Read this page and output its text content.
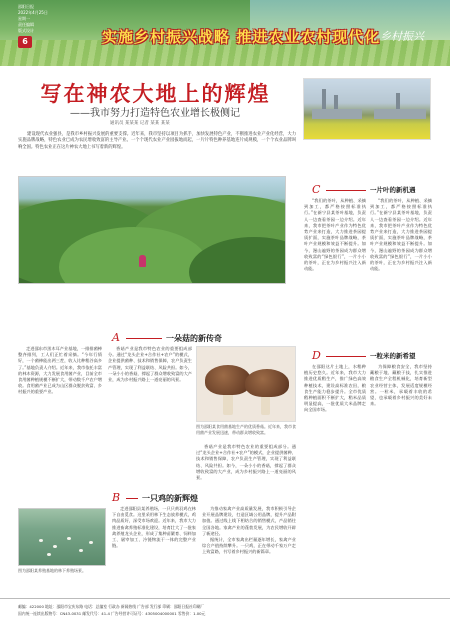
邵阳日报
2022年4月25日
星期一
责任编辑
版式设计
6	实施乡村振兴战略 推进农业农村现代化 乡村振兴
写在神农大地上的辉煌
——我市努力打造特色农业增长极侧记
通讯员 某某某 记者 某某 某某

建设现代农业强县，是我市乡村振兴发展的重要支撑。近年来，我市坚持以项目为抓手，加快发展特色产业，不断推进农业产业化经营，大力实施品牌战略，特色农业已成为农民增收致富的主导产业。一个个现代农业产业园拔地而起，一片片特色种养基地连片成规模，一个个农业品牌叫响全国。特色农业正在这片神农大地上书写着新的辉煌。

A	一朵菇的新传奇

走进邵东市黑木耳产业基地，一排排菌棒整齐排列，工人们正忙着采摘。“今年行情好，一个菌棒能出两三茬，收入比种稻谷高多了。”基地负责人介绍。近年来，我市依托丰富的林木资源，大力发展食用菌产业，目前全市食用菌种植规模不断扩大，带动数千户农户增收。食用菌产业已成为山区群众脱贫致富、乡村振兴的重要产业。

香菇产业是我市特色农业的重要组成部分。通过“龙头企业+合作社+农户”的模式，企业提供菌种、技术和销售保障，农户负责生产管理，实现了利益联结、风险共担。如今，一朵小小的香菇，撑起了群众增收致富的大产业，成为乡村振兴路上一道亮丽的风景。

图为邵阳某食用菌基地生产的优质香菇。近年来，我市食用菌产业发展迅速，带动群众增收致富。

香菇产业是我市特色农业的重要组成部分。通过“龙头企业+合作社+农户”的模式，企业提供菌种、技术和销售保障，农户负责生产管理，实现了利益联结、风险共担。如今，一朵小小的香菇，撑起了群众增收致富的大产业，成为乡村振兴路上一道亮丽的风景。

B	一只鸡的新辉煌
图为邵阳某养殖基地的林下养殖场景。

走进邵阳县某养殖场，一只只黄羽鸡在林下自由觅食。这里采用林下生态放养模式，鸡肉品质好，深受市场欢迎。近年来，我市大力推进畜禽养殖标准化建设，培育壮大了一批家禽养殖龙头企业，形成了集种苗繁育、饲料加工、屠宰加工、冷链物流于一体的完整产业链。

为推动家禽产业高质量发展，我市积极引导企业开展品牌建设，打造区域公用品牌，提升产品附加值。通过线上线下相结合的销售模式，产品销往全国各地。家禽产业的蓬勃发展，为农民增收开辟了新途径。

据统计，全市家禽出栏量逐年增长，家禽产业综合产值持续攀升。一只鸡，正在带动千家万户走上致富路，书写着乡村振兴的新篇章。

C	一片叶的新机遇

“我们的茶叶，从种植、采摘到加工，都严格按照标准执行。”在新宁县某茶叶基地，负责人一边查看茶园一边介绍。近年来，我市把茶叶产业作为特色优势产业来打造，大力推进茶园提质扩面，实施茶叶品牌战略，茶叶产业规模和效益不断提升。如今，漫山遍野的茶园成为群众增收致富的“绿色银行”，一片小小的茶叶，正在为乡村振兴注入新动能。

“我们的茶叶，从种植、采摘到加工，都严格按照标准执行。”在新宁县某茶叶基地，负责人一边查看茶园一边介绍。近年来，我市把茶叶产业作为特色优势产业来打造，大力推进茶园提质扩面，实施茶叶品牌战略，茶叶产业规模和效益不断提升。如今，漫山遍野的茶园成为群众增收致富的“绿色银行”，一片小小的茶叶，正在为乡村振兴注入新动能。

D	一粒米的新希望

在邵阳这片土地上，水稻种植历史悠久。近年来，我市大力推进优质稻生产，推广绿色高效种植技术，建设高标准农田，粮食生产能力稳步提升。全市优质稻种植面积不断扩大，稻米品质明显提高，一批优质大米品牌走向全国市场。

为保障粮食安全，我市坚持藏粮于地、藏粮于技，扎实推进粮食生产全程机械化，培育新型农业经营主体，发展适度规模经营。一粒米，承载着丰收的希望，也承载着乡村振兴的美好未来。

邮编：422000 地址：邵阳市宝庆东路 电话：总编室 行政办 新闻热线 广告部 发行部 印刷：邵阳日报社印刷厂
国内统一连续出版物号：CN43-0031 邮发代号：41-4 广告经营许可证号：4305004000001 零售价：1.00元
